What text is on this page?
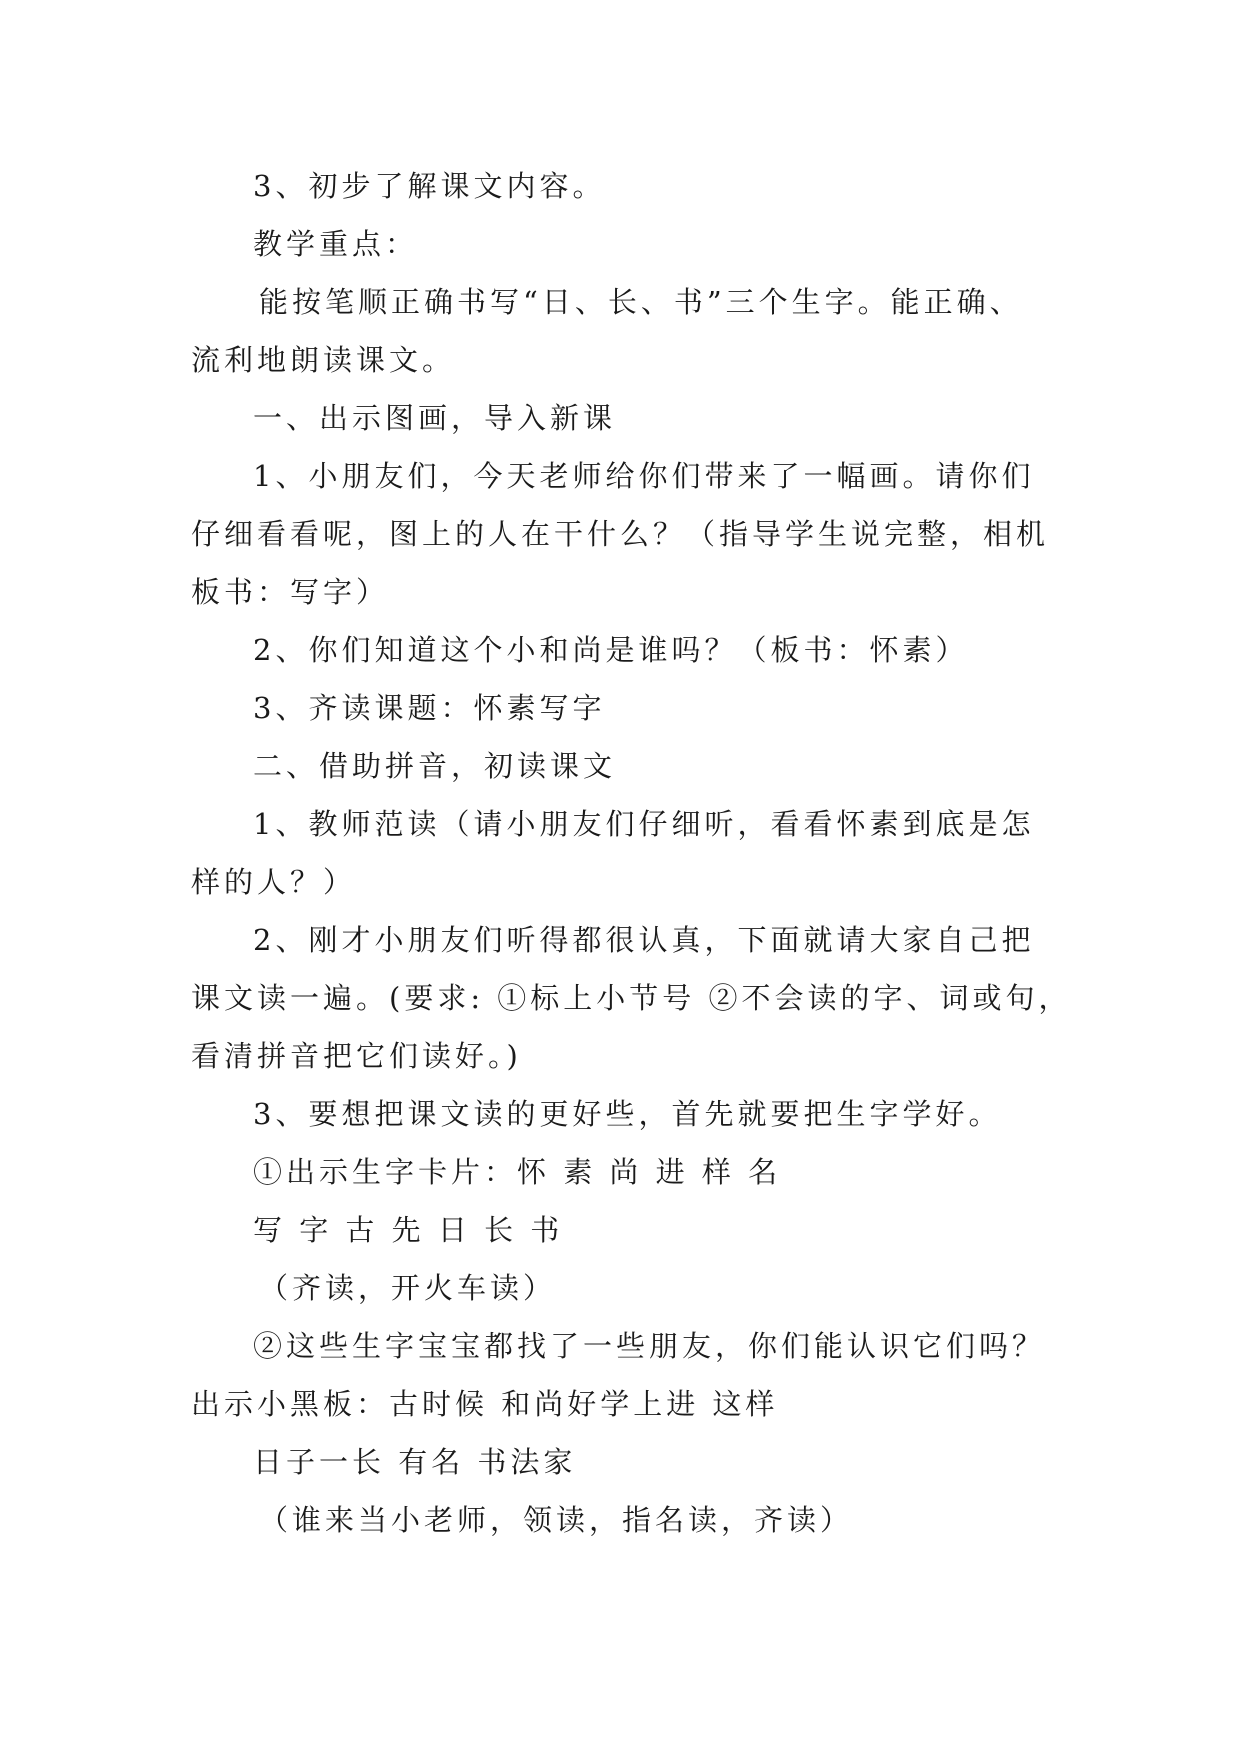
3、初步了解课文内容。
教学重点：
能按笔顺正确书写“日、长、书”三个生字。能正确、
流利地朗读课文。
一、出示图画，导入新课
1、小朋友们，今天老师给你们带来了一幅画。请你们
仔细看看呢，图上的人在干什么？（指导学生说完整，相机
板书：写字）
2、你们知道这个小和尚是谁吗？（板书：怀素）
3、齐读课题：怀素写字
二、借助拼音，初读课文
1、教师范读（请小朋友们仔细听，看看怀素到底是怎
样的人？）
2、刚才小朋友们听得都很认真，下面就请大家自己把
课文读一遍。(要求: ①标上小节号 ②不会读的字、词或句，
看清拼音把它们读好。)
3、要想把课文读的更好些，首先就要把生字学好。
①出示生字卡片：怀 素 尚 进 样 名
写 字 古 先 日 长 书
（齐读，开火车读）
②这些生字宝宝都找了一些朋友，你们能认识它们吗？
出示小黑板：古时候 和尚好学上进 这样
日子一长 有名 书法家
（谁来当小老师，领读，指名读，齐读）
